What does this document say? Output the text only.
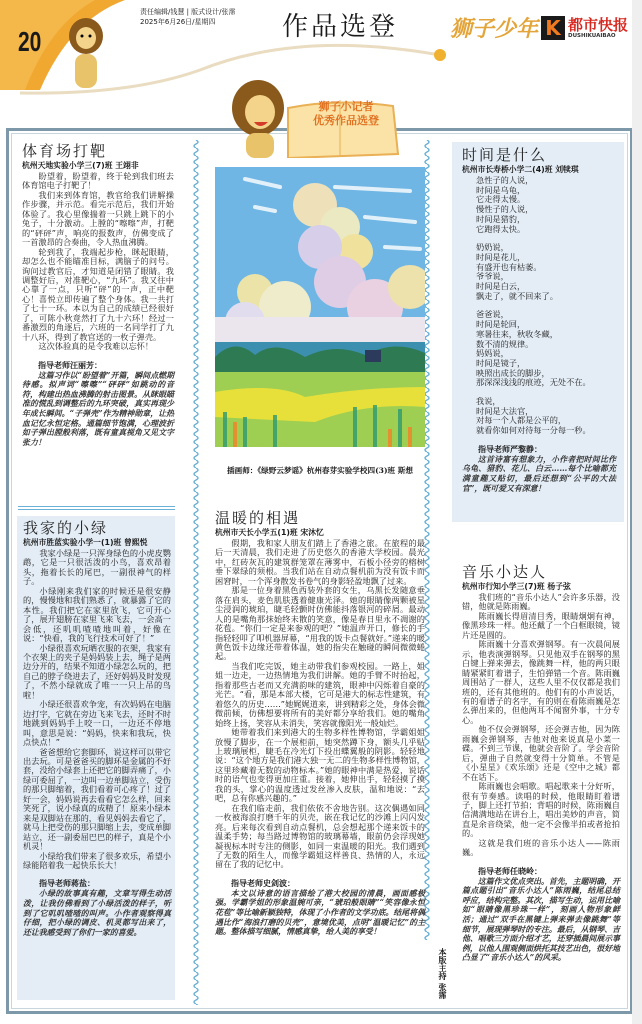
20
责任编辑/钱慧 | 版式设计/张霈
2025年6月26日/星期四	作品选登 狮子少年 K 都市快报
DUSHIKUAIBAO
狮子小记者
优秀作品选登
体育场打靶
杭州天地实验小学三(7)班 王翊非

盼望着，盼望着，终于轮到我们班去体育馆电子打靶了！

我们来到体育馆，教官给我们讲解操作步骤，并示范。看完示范后，我们开始体验了。我心里像揣着一只跳上跳下的小兔子，十分激动。上膛的“嚓嚓”声，打靶的“砰砰”声，响亮的报数声，仿佛变成了一首激昂的合奏曲，令人热血沸腾。

轮到我了，我端起步枪，眯起眼睛，却怎么也不能瞄准目标，满脑子的问号。询问过教官后，才知道是闭错了眼睛。我调整好后，对准靶心，“九环”。我又往中心靠了一点，只听“砰”的一声，正中靶心！喜悦立即传遍了整个身体。我一共打了七十一环。本以为自己的成绩已经很好了，可陈小秋竟然打了九十六环！经过一番激烈的角逐后，六班的一名同学打了九十八环，得到了教官送的一枚子弹壳。

这次体验真的是令我难以忘怀！

指导老师汪丽芳：

这篇习作以“盼望着”开篇，瞬间点燃期待感。拟声词“嚓嚓”“砰砰”如跳动的音符，构建出热血沸腾的射击图景。从眯眼瞄准的慌乱到调整后的九环突破，真实再现少年成长瞬间。“子弹壳”作为精神勋章，让热血记忆永恒定格。通篇细节饱满，心理波折如子弹出膛般利落，既有童真视角又见文字张力！

我家的小绿
杭州市胜蓝实验小学一(1)班 曾熙悦

我家小绿是一只浑身绿色的小虎皮鹦鹉，它是一只很活泼的小鸟，喜欢昂着头，拖着长长的尾巴，一副很神气的样子。

小绿刚来我们家的时候还是很安静的，慢慢地和我们熟悉了，就暴露了它的本性。我们把它在家里放飞，它可开心了，展开翅膀在家里飞来飞去，一会高一会低，还叽叽喳喳地叫着，好像在说：“快看，我的飞行技术可好了！”

小绿很喜欢玩晒衣服的衣架，我家有个衣架上的夹子是妈妈装上去，绳子是两边分开的，结果不知道小绿怎么玩的，把自己的脖子绕进去了，还好妈妈及时发现了，不然小绿就成了唯一一只上吊的鸟啦！

小绿还很喜欢争宠，有次妈妈在电脑边打字，它就在旁边飞来飞去，还时不时地跳到妈妈手上咬一口，一边还不停地叫，意思是说：“妈妈，快来和我玩，快点快点！”

爸爸想给它套脚环，说这样可以带它出去玩。可是爸爸买的脚环是金属的不好套，没给小绿套上还把它的脚弄痛了，小绿可委屈了，一边叫一边单脚站立，受伤的那只脚缩着，我们看着可心疼了！过了好一会，妈妈说再去看看它怎么样，回来笑死了，说小绿真的成精了！原来小绿本来是双脚站在那的，看见妈妈去看它了，就马上把受伤的那只脚缩上去，变成单脚站立，还一副委屈巴巴的样子，真是个小机灵！

小绿给我们带来了很多欢乐，希望小绿能陪着我一起快乐长大！

指导老师蒋盐：

小绿的故事真有趣，文章写得生动活泼，让我仿佛看到了小绿活泼的样子，听到了它叽叽喳喳的叫声。小作者观察得真仔细，把小绿的调皮、机灵都写出来了，还让我感受到了你们一家的喜爱。

插画师：《绿野云梦谣》杭州春芽实验学校四(3)班 斯想
温暖的相遇
杭州市天长小学五(1)班 宋沐忆

假期，我和家人朋友们踏上了香港之旅。在旅程的最后一天清晨，我们走进了历史悠久的香港大学校园。晨光中，红砖灰瓦的建筑群笼罩在薄雾中，石板小径旁的榕树垂下翠绿的须根。当我们站在自动点餐机前为没有饭卡而困窘时，一个浑身散发书卷气的身影轻盈地飘了过来。

那是一位身着黑色西装外套的女生，乌黑长发随意垂落在肩头，麦色肌肤透着健康光泽。她的眼睛像两颗被星尘浸润的琥珀，睫毛轻颤时仿佛能抖落银河的碎屑。最动人的是嘴角那抹始终未散的笑意，像是春日里永不凋谢的花苞。“你们一定是来参观的吧？”她温声开口，修长的手指轻轻叩了叩机器屏幕，“用我的饭卡点餐就好。”递来的暖黄色饭卡边缘还带着体温，她的指尖在触碰的瞬间微微蜷起。

当我们吃完饭，她主动带我们参观校园。一路上，姐姐一边走，一边热情地为我们讲解。她的手臂不时抬起，指着那些古老而又充满韵味的建筑，眼神中闪烁着自豪的光芒。“看，那是本部大楼，它可是港大的标志性建筑，有着悠久的历史……”她娓娓道来，讲到精彩之处，身体会微微前倾，仿佛想要将所有的美好都分享给我们。她的嘴角始终上扬，笑容从未消失，笑容就像阳光一般灿烂。

她带着我们来到港大的生物多样性博物馆，学霸姐姐放慢了脚步，在一个展柜前，她突然蹲下身，额头几乎贴上玻璃展柜，睫毛在冷光灯下投出蝶翼般的阴影。轻轻地说：“这个地方是我们港大独一无二的生物多样性博物馆，这里珍藏着无数的动物标本。”她的眼神中满是热爱，说话时的语气也变得更加庄重。接着，她伸出手，轻轻摸了摸我的头，掌心的温度透过发丝渗入皮肤，温和地说：“去吧，总有你感兴趣的。”

在我们临走前，我们依依不舍地告别。这次偶遇如同一枚被海浪打磨千年的贝壳，嵌在我记忆的沙滩上闪闪发亮。后来每次看到自动点餐机，总会想起那个递来饭卡的温柔手势；每当路过博物馆的玻璃幕墙，眼前仍会浮现她凝视标本时专注的侧影，如同一束温暖的阳光。我们遇到了无数的陌生人，而像学霸姐这样善良、热情的人，永远留在了我的记忆中。

指导老师史剑波：

本文以诗意的语言描绘了港大校园的清晨，画面感极强。学霸学姐的形象温婉可亲，“琥珀般眼睛”“笑容像永恒花苞”等比喻新颖独特，体现了小作者的文学功底。结尾将偶遇比作“海浪打磨的贝壳”，意境优美，点明“温暖记忆”的主题。整体描写细腻，情感真挚，给人美的享受！

时间是什么
杭州市长寿桥小学二(4)班 刘犊琪

急性子的人说，

时间是乌龟，

它走得太慢。

慢性子的人说，

时间是猎豹，

它跑得太快。

奶奶说，

时间是花儿，

有盛开也有枯萎。

爷爷说，

时间是白云，

飘走了，就不回来了。

爸爸说，

时间是轮回，

寒暑往来，秋收冬藏，

数不清的规律。

妈妈说，

时间是镜子，

映照出成长的脚步，

那深深浅浅的痕迹，无处不在。

我说，

时间是大法官，

对每一个人都是公平的，

就看你如何对待每一分每一秒。

指导老师严黎静：

这首诗富有想象力，小作者把时间比作乌龟、猎豹、花儿、白云……每个比喻都充满童趣又贴切，最后还想到“公平的大法官”，既可爱又有深意！

音乐小达人
杭州市行知小学三(7)班 杨子弦

我们班的“音乐小达人”会许多乐器，没错，他就是陈雨巍。

陈雨巍长得眉清目秀，眼睛炯炯有神，像黑珍珠一样。他还戴了一个白框眼镜，镜片还是圆的。

陈雨巍十分喜欢弹钢琴。有一次晨间展示，他表演弹钢琴。只见他双手在钢琴的黑白键上弹来弹去，像跳舞一样，他的两只眼睛紧紧盯着谱子，生怕弹错一个音。陈雨巍周围站了一群人，这些人里不仅仅都是我们班的，还有其他班的。他们有的小声说话，有的看谱子的名字，有的则在看陈雨巍是怎么弹出来的，但他两耳不闻窗外事，十分专心。

他不仅会弹钢琴，还会弹吉他，因为陈雨巍会弹钢琴，吉他对他来说真是小菜一碟。不到三节课，他就会音阶了。学会音阶后，弹曲子自然就变得十分简单。不管是《小星星》《欢乐颂》还是《空中之城》都不在话下。

陈雨巍也会唱歌。唱起歌来十分好听，很有节奏感。读唱的时候，他眼睛盯着谱子，脚上还打节拍；背唱的时候，陈雨巍自信满满地站在讲台上，唱出美妙的声音，简直是余音绕梁，他一定不会像半拍或者抢拍的。

这就是我们班的音乐小达人——陈雨巍。

指导老师任晓岭：

这篇作文优点突出。首先，主题明确，开篇点题引出“音乐小达人”陈雨巍，结尾总结呼应，结构完整。其次，描写生动，运用比喻如“眼睛像黑珍珠一样”，刻画人物形象鲜活；通过“双手在黑键上弹来弹去像跳舞”等细节，展现弹琴时的专注。最后，从钢琴、吉他、唱歌三方面介绍才艺，还穿插晨间展示事例，以他人围观侧面烘托其技艺出色，很好地凸显了“音乐小达人”的风采。

本版主持 张霈
